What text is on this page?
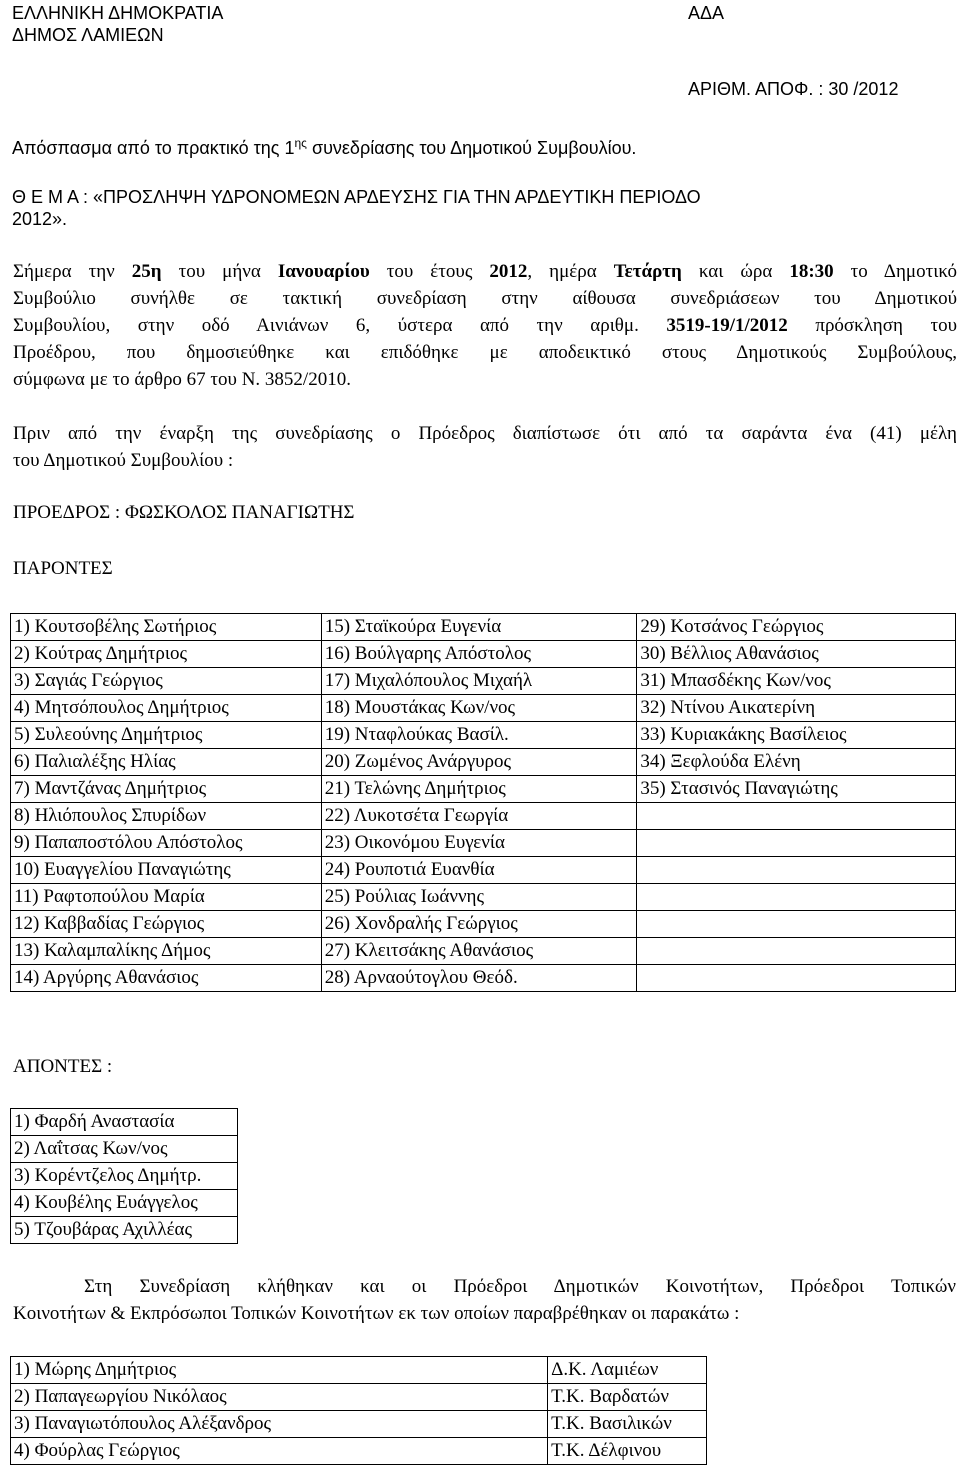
ΕΛΛΗΝΙΚΗ ΔΗΜΟΚΡΑΤΙΑ
ΔΗΜΟΣ ΛΑΜΙΕΩΝ
ΑΔΑ
ΑΡΙΘΜ. ΑΠΟΦ. : 30 /2012
Απόσπασμα από το πρακτικό της $1^{\eta\varsigma}$ συνεδρίασης του Δημοτικού Συμβουλίου.
Θ Ε Μ Α : «ΠΡΟΣΛΗΨΗ ΥΔΡΟΝΟΜΕΩΝ ΑΡΔΕΥΣΗΣ ΓΙΑ ΤΗΝ ΑΡΔΕΥΤΙΚΗ ΠΕΡΙΟΔΟ
2012».
Σήμερα την 25η του μήνα Ιανουαρίου του έτους 2012, ημέρα Τετάρτη και ώρα 18:30 το Δημοτικό
Συμβούλιο συνήλθε σε τακτική συνεδρίαση στην αίθουσα συνεδριάσεων του Δημοτικού
Συμβουλίου, στην οδό Αινιάνων 6, ύστερα από την αριθμ. 3519-19/1/2012 πρόσκληση του
Προέδρου, που δημοσιεύθηκε και επιδόθηκε με αποδεικτικό στους Δημοτικούς Συμβούλους,
σύμφωνα με το άρθρο 67 του Ν. 3852/2010.
Πριν από την έναρξη της συνεδρίασης ο Πρόεδρος διαπίστωσε ότι από τα σαράντα ένα (41) μέλη
του Δημοτικού Συμβουλίου :
ΠΡΟΕΔΡΟΣ : ΦΩΣΚΟΛΟΣ ΠΑΝΑΓΙΩΤΗΣ
ΠΑΡΟΝΤΕΣ
1) Κουτσοβέλης Σωτήριος	15) Σταϊκούρα Ευγενία	29) Κοτσάνος Γεώργιος
2) Κούτρας Δημήτριος	16) Βούλγαρης Απόστολος	30) Βέλλιος Αθανάσιος
3) Σαγιάς Γεώργιος	17) Μιχαλόπουλος Μιχαήλ	31) Μπασδέκης Κων/νος
4) Μητσόπουλος Δημήτριος	18) Μουστάκας Κων/νος	32) Ντίνου Αικατερίνη
5) Συλεούνης Δημήτριος	19) Νταφλούκας Βασίλ.	33) Κυριακάκης Βασίλειος
6) Παλιαλέξης Ηλίας	20) Ζωμένος Ανάργυρος	34) Ξεφλούδα Ελένη
7) Μαντζάνας Δημήτριος	21) Τελώνης Δημήτριος	35) Στασινός Παναγιώτης
8) Ηλιόπουλος Σπυρίδων	22) Λυκοτσέτα Γεωργία	
9) Παπαποστόλου Απόστολος	23) Οικονόμου Ευγενία	
10) Ευαγγελίου Παναγιώτης	24) Ρουποτιά Ευανθία	
11) Ραφτοπούλου Μαρία	25) Ρούλιας Ιωάννης	
12) Καββαδίας Γεώργιος	26) Χονδραλής Γεώργιος	
13) Καλαμπαλίκης Δήμος	27) Κλειτσάκης Αθανάσιος	
14) Αργύρης Αθανάσιος	28) Αρναούτογλου Θεόδ.	
ΑΠΟΝΤΕΣ :
1) Φαρδή Αναστασία
2) Λαΐτσας Κων/νος
3) Κορέντζελος Δημήτρ.
4) Κουβέλης Ευάγγελος
5) Τζουβάρας Αχιλλέας
Στη Συνεδρίαση κλήθηκαν και οι Πρόεδροι Δημοτικών Κοινοτήτων, Πρόεδροι Τοπικών
Κοινοτήτων & Εκπρόσωποι Τοπικών Κοινοτήτων εκ των οποίων παραβρέθηκαν οι παρακάτω :
1) Μώρης Δημήτριος	Δ.Κ. Λαμιέων
2) Παπαγεωργίου Νικόλαος	Τ.Κ. Βαρδατών
3) Παναγιωτόπουλος Αλέξανδρος	Τ.Κ. Βασιλικών
4) Φούρλας Γεώργιος	Τ.Κ. Δέλφινου
